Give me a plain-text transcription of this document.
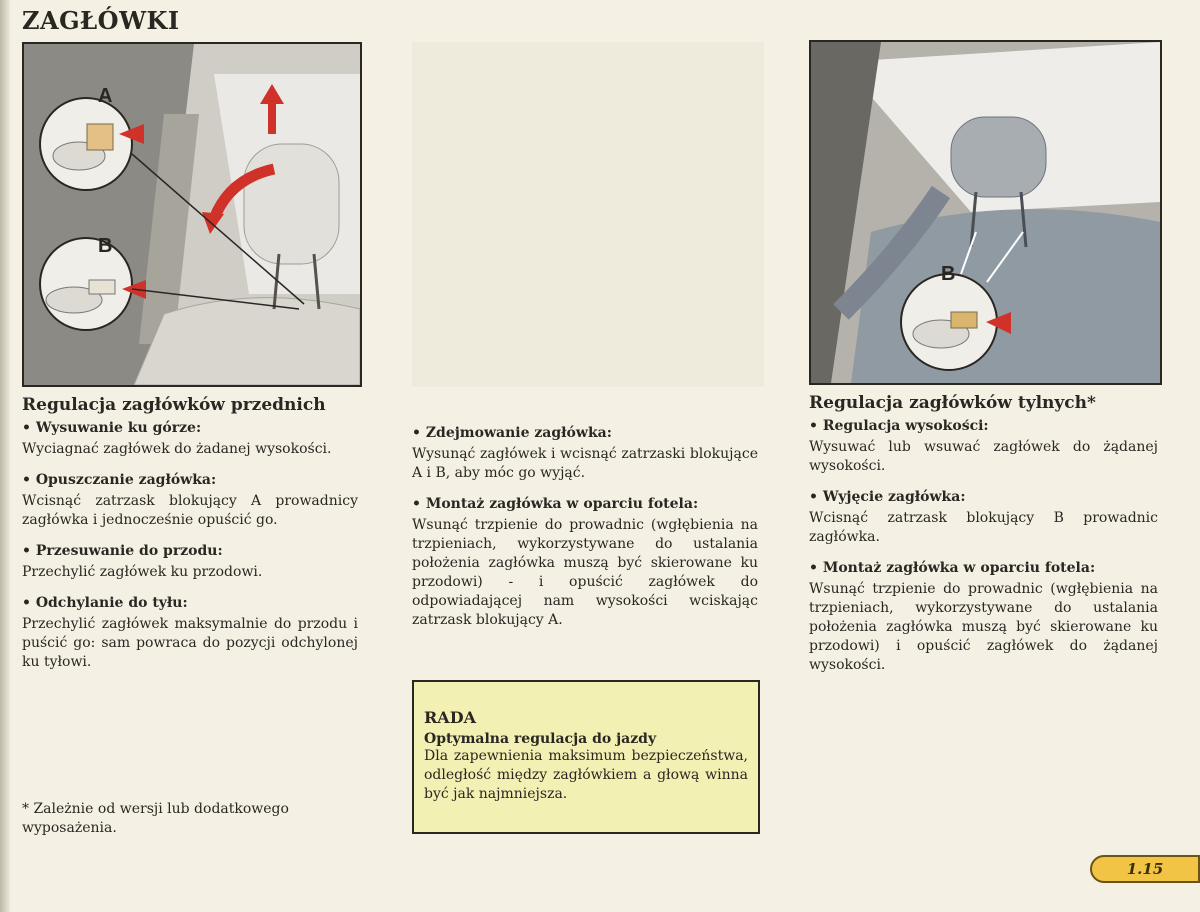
ZAGŁÓWKI
A
B
B
Regulacja zagłówków przednich
• Wysuwanie ku górze:

Wyciagnać zagłówek do żadanej wysokości.

• Opuszczanie zagłówka:

Wcisnąć zatrzask blokujący A prowadnicy zagłówka i jednocześnie opuścić go.

• Przesuwanie do przodu:

Przechylić zagłówek ku przodowi.

• Odchylanie do tyłu:

Przechylić zagłówek maksymalnie do przodu i puścić go: sam powraca do pozycji odchylonej ku tyłowi.

* Zależnie od wersji lub dodatkowego wyposażenia.
• Zdejmowanie zagłówka:

Wysunąć zagłówek i wcisnąć zatrzaski blokujące A i B, aby móc go wyjąć.

• Montaż zagłówka w oparciu fotela:

Wsunąć trzpienie do prowadnic (wgłębienia na trzpieniach, wykorzystywane do ustalania położenia zagłówka muszą być skierowane ku przodowi) - i opuścić zagłówek do odpowiadającej nam wysokości wciskając zatrzask blokujący A.

RADA
Optymalna regulacja do jazdy

Dla zapewnienia maksimum bezpieczeństwa, odległość między zagłówkiem a głową winna być jak najmniejsza.

Regulacja zagłówków tylnych*
• Regulacja wysokości:

Wysuwać lub wsuwać zagłówek do żądanej wysokości.

• Wyjęcie zagłówka:

Wcisnąć zatrzask blokujący B prowadnic zagłówka.

• Montaż zagłówka w oparciu fotela:

Wsunąć trzpienie do prowadnic (wgłębienia na trzpieniach, wykorzystywane do ustalania położenia zagłówka muszą być skierowane ku przodowi) i opuścić zagłówek do żądanej wysokości.

1.15
